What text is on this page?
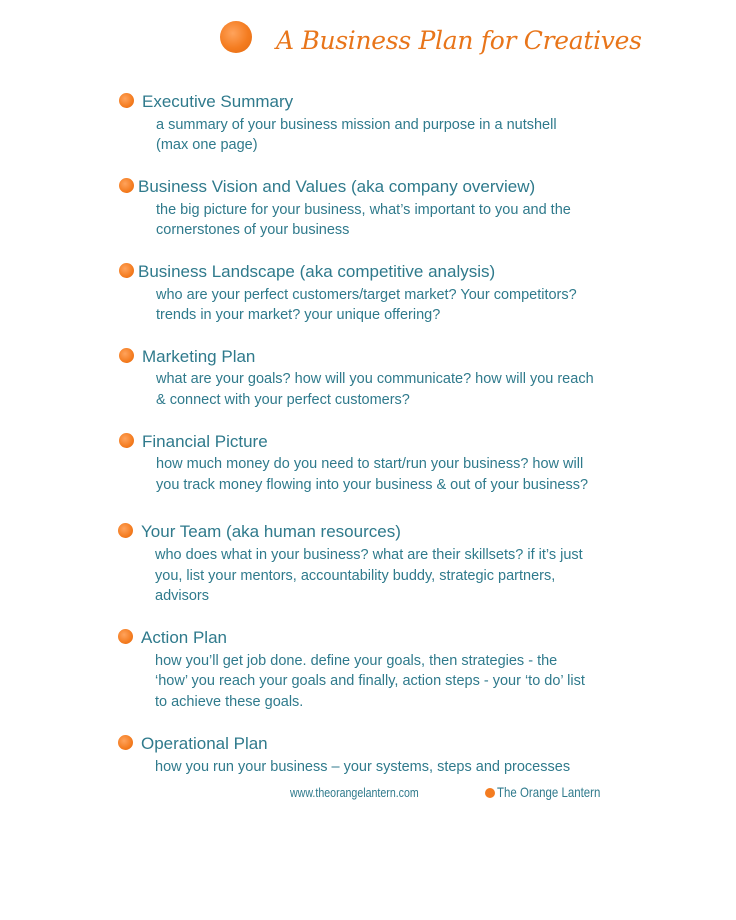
A Business Plan for Creatives
Executive Summary
a summary of your business mission and purpose in a nutshell
(max one page)
Business Vision and Values (aka company overview)
the big picture for your business, what’s important to you and the
cornerstones of your business
Business Landscape (aka competitive analysis)
who are your perfect customers/target market? Your competitors?
trends in your market? your unique offering?
Marketing Plan
what are your goals? how will you communicate? how will you reach
& connect with your perfect customers?
Financial Picture
how much money do you need to start/run your business? how will
you track money flowing into your business & out of your business?
Your Team (aka human resources)
who does what in your business? what are their skillsets? if it’s just
you, list your mentors, accountability buddy, strategic partners,
advisors
Action Plan
how you’ll get job done. define your goals, then strategies - the
‘how’ you reach your goals and finally, action steps - your ‘to do’ list
to achieve these goals.
Operational Plan
how you run your business – your systems, steps and processes
www.theorangelantern.com	The Orange Lantern
